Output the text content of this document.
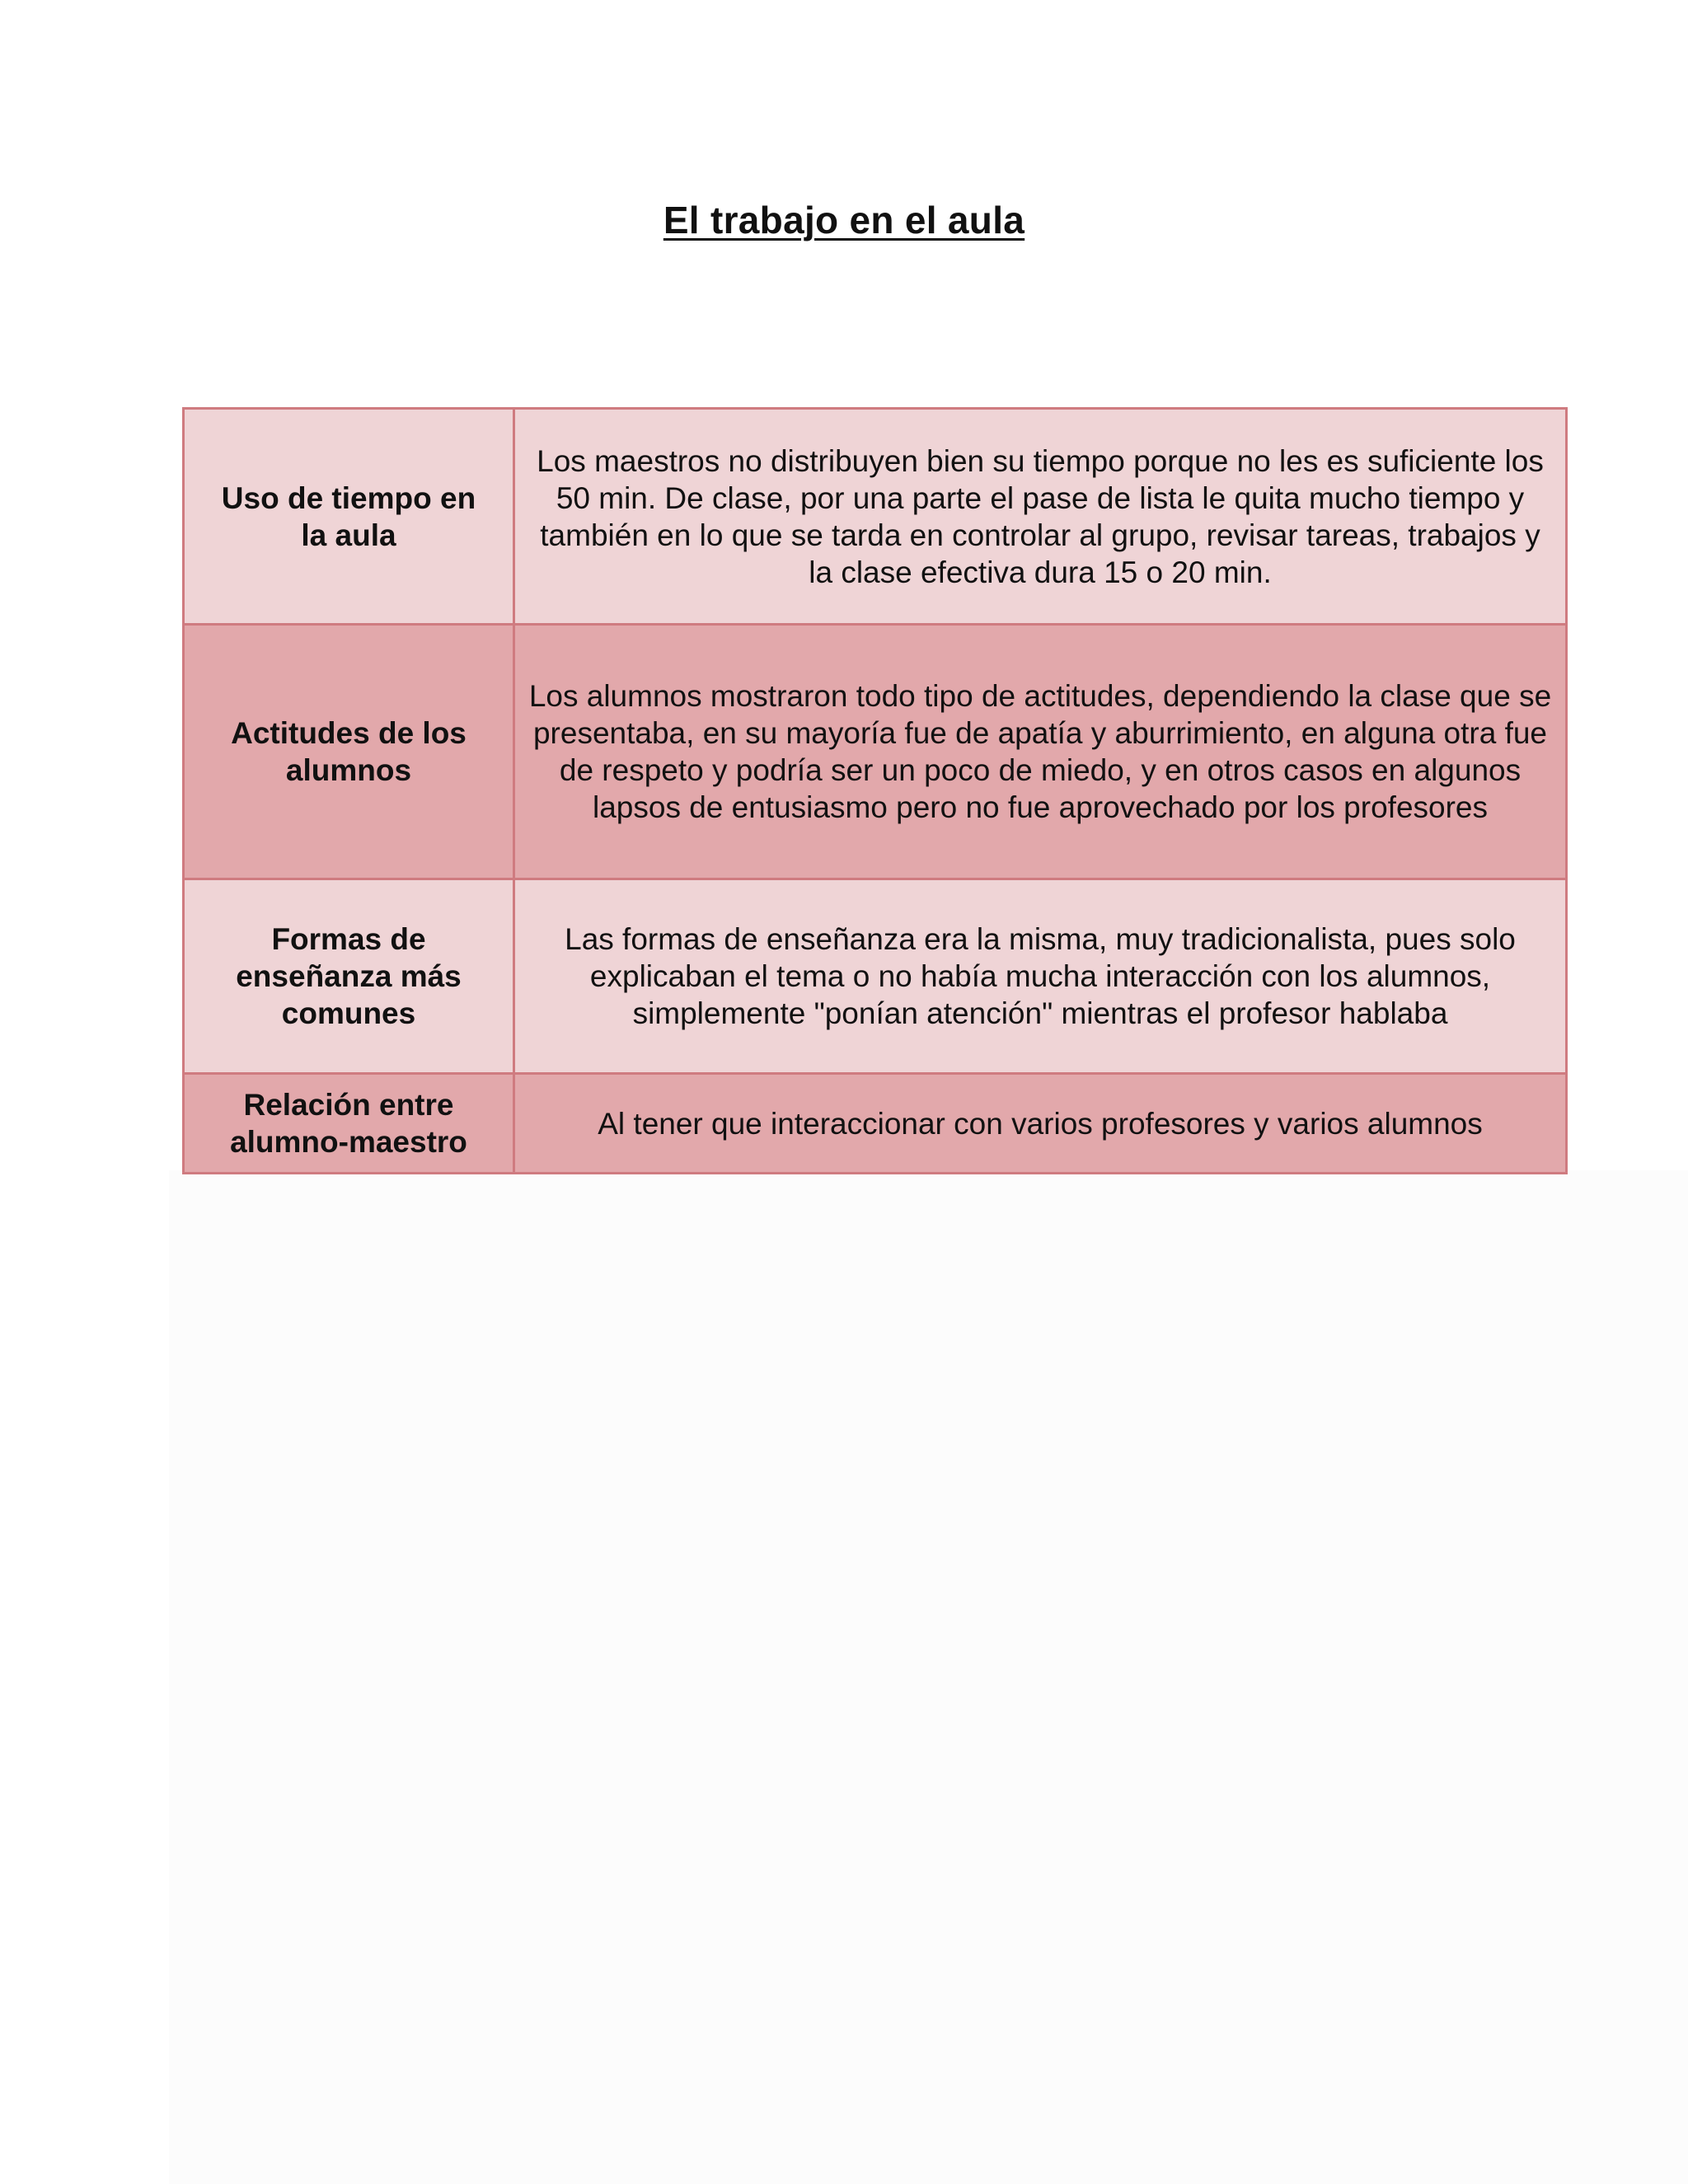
El trabajo en el aula
Uso de tiempo en la aula	Los maestros no distribuyen bien su tiempo porque no les es suficiente los 50 min. De clase, por una parte el pase de lista le quita mucho tiempo y también en lo que se tarda en controlar al grupo, revisar tareas, trabajos y la clase efectiva dura 15 o 20 min.
Actitudes de los alumnos	Los alumnos mostraron todo tipo de actitudes, dependiendo la clase que se presentaba, en su mayoría fue de apatía y aburrimiento, en alguna otra fue de respeto y podría ser un poco de miedo, y en otros casos en algunos lapsos de entusiasmo pero no fue aprovechado por los profesores
Formas de enseñanza más comunes	Las formas de enseñanza era la misma, muy tradicionalista, pues solo explicaban el tema o no había mucha interacción con los alumnos, simplemente "ponían atención" mientras el profesor hablaba
Relación entre alumno-maestro	Al tener que interaccionar con varios profesores y varios alumnos
